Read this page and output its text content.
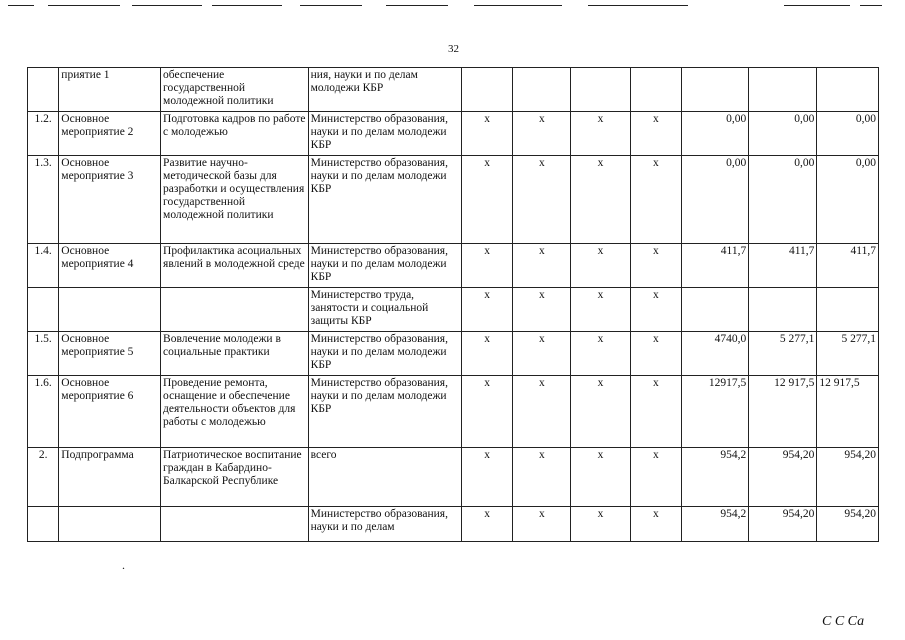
32
	приятие 1	обеспечение государственной молодежной политики	ния, науки и по делам молодежи КБР							
1.2.	Основное мероприятие 2	Подготовка кадров по работе с молодежью	Министерство образования, науки и по делам молодежи КБР	x	x	x	x	0,00	0,00	0,00
1.3.	Основное мероприятие 3	Развитие научно-методической базы для разработки и осуществления государственной молодежной политики	Министерство образования, науки и по делам молодежи КБР	x	x	x	x	0,00	0,00	0,00
1.4.	Основное мероприятие 4	Профилактика асоциальных явлений в молодежной среде	Министерство образования, науки и по делам молодежи КБР	x	x	x	x	411,7	411,7	411,7
			Министерство труда, занятости и социальной защиты КБР	x	x	x	x			
1.5.	Основное мероприятие 5	Вовлечение молодежи в социальные практики	Министерство образования, науки и по делам молодежи КБР	x	x	x	x	4740,0	5 277,1	5 277,1
1.6.	Основное мероприятие 6	Проведение ремонта, оснащение и обеспечение деятельности объектов для работы с молодежью	Министерство образования, науки и по делам молодежи КБР	x	x	x	x	12917,5	12 917,5	12 917,5
2.	Подпрограмма	Патриотическое воспитание граждан в Кабардино-Балкарской Республике	всего	x	x	x	x	954,2	954,20	954,20
			Министерство образования, науки и по делам	x	x	x	x	954,2	954,20	954,20
.
С С Са
